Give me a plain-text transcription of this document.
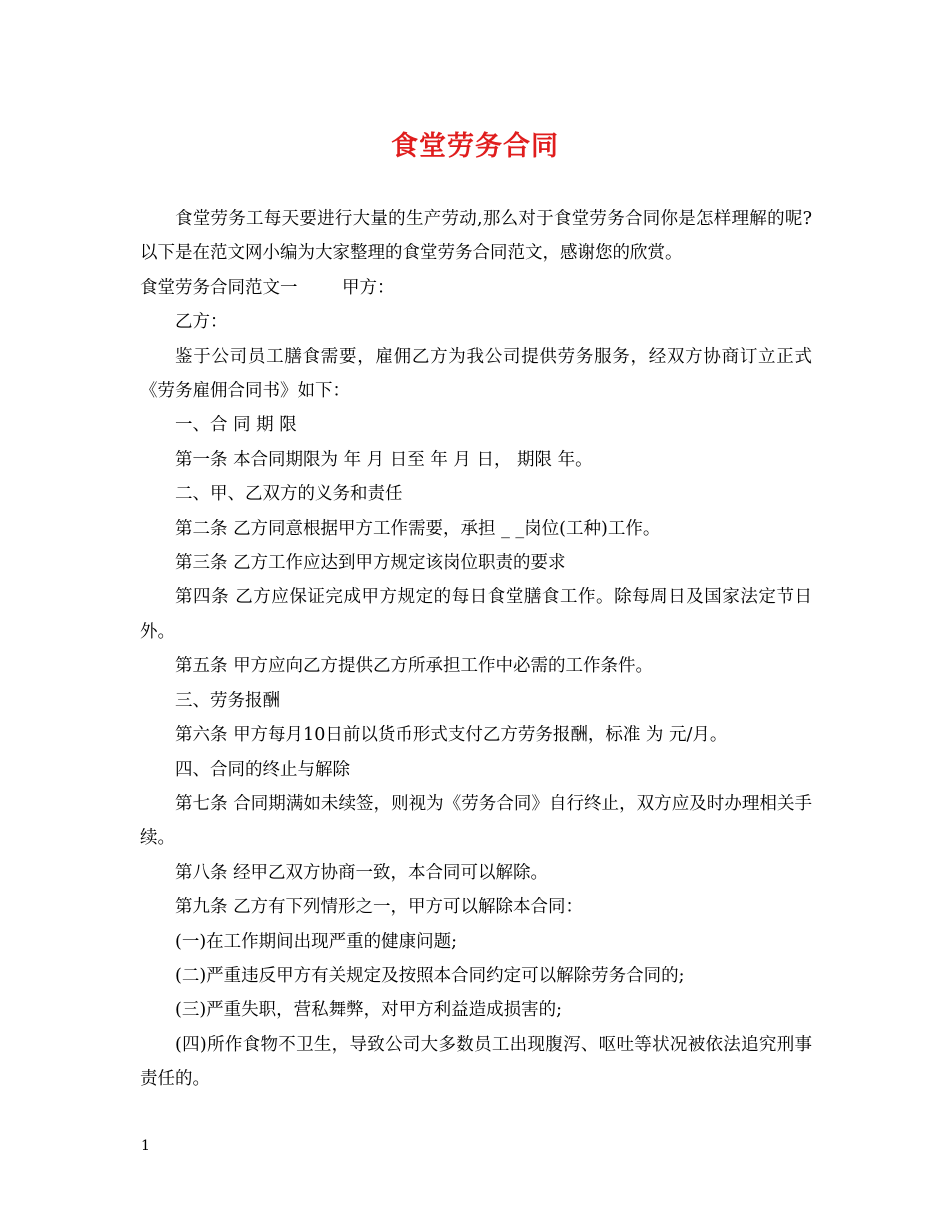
食堂劳务合同

食堂劳务工每天要进行大量的生产劳动,那么对于食堂劳务合同你是怎样理解的呢?以下是在范文网小编为大家整理的食堂劳务合同范文，感谢您的欣赏。

食堂劳务合同范文一        甲方：

乙方：

鉴于公司员工膳食需要，雇佣乙方为我公司提供劳务服务，经双方协商订立正式《劳务雇佣合同书》如下：

一、合 同 期 限

第一条 本合同期限为 年 月 日至 年 月 日， 期限 年。

二、甲、乙双方的义务和责任

第二条 乙方同意根据甲方工作需要，承担 _ _岗位(工种)工作。

第三条 乙方工作应达到甲方规定该岗位职责的要求

第四条 乙方应保证完成甲方规定的每日食堂膳食工作。除每周日及国家法定节日外。

第五条 甲方应向乙方提供乙方所承担工作中必需的工作条件。

三、劳务报酬

第六条 甲方每月10日前以货币形式支付乙方劳务报酬，标准 为 元/月。

四、合同的终止与解除

第七条 合同期满如未续签，则视为《劳务合同》自行终止，双方应及时办理相关手续。

第八条 经甲乙双方协商一致，本合同可以解除。

第九条 乙方有下列情形之一，甲方可以解除本合同：

(一)在工作期间出现严重的健康问题;

(二)严重违反甲方有关规定及按照本合同约定可以解除劳务合同的;

(三)严重失职，营私舞弊，对甲方利益造成损害的;

(四)所作食物不卫生，导致公司大多数员工出现腹泻、呕吐等状况被依法追究刑事责任的。

1
